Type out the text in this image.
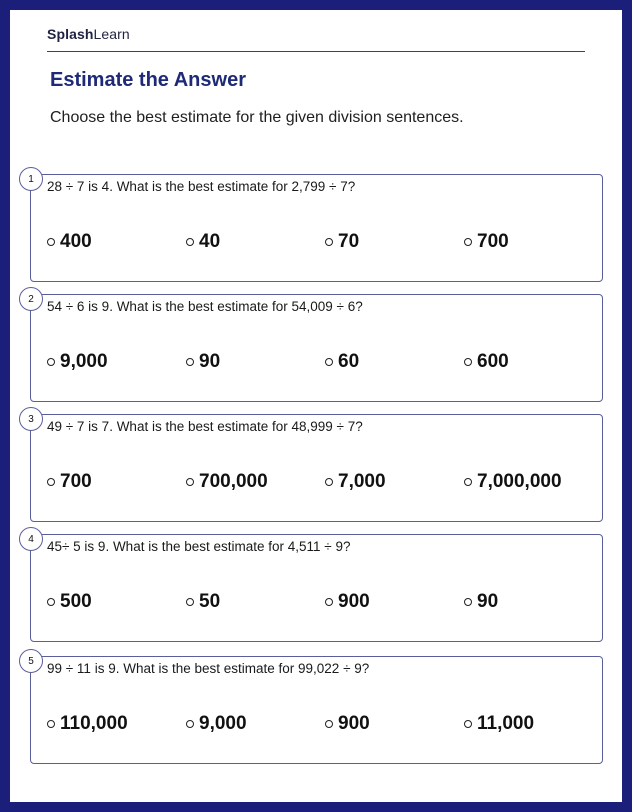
SplashLearn
Estimate the Answer
Choose the best estimate for the given division sentences.
1 28 ÷ 7 is 4. What is the best estimate for 2,799 ÷ 7?
400	40	70	700
2 54 ÷ 6 is 9. What is the best estimate for 54,009 ÷ 6?
9,000	90	60	600
3 49 ÷ 7 is 7. What is the best estimate for 48,999 ÷ 7?
700	700,000	7,000	7,000,000
4 45÷ 5 is 9. What is the best estimate for 4,511 ÷ 9?
500	50	900	90
5 99 ÷ 11 is 9. What is the best estimate for 99,022 ÷ 9?
110,000	9,000	900	11,000
